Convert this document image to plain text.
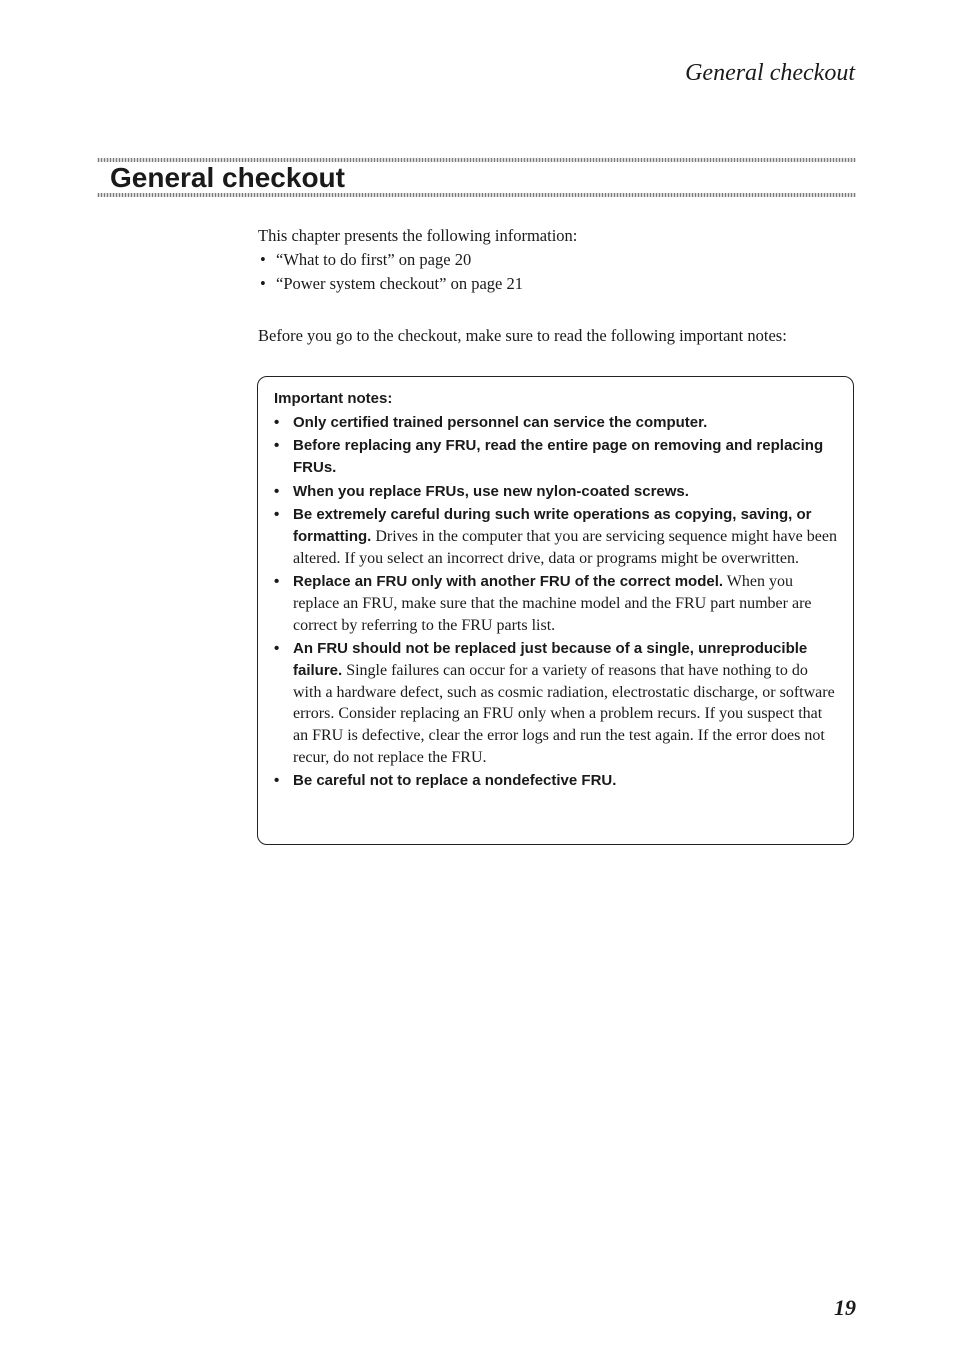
General checkout
General checkout

This chapter presents the following information:

• “What to do first” on page 20
• “Power system checkout” on page 21

Before you go to the checkout, make sure to read the following important notes:

Important notes:
• Only certified trained personnel can service the computer.
• Before replacing any FRU, read the entire page on removing and replacing FRUs.
• When you replace FRUs, use new nylon-coated screws.
• Be extremely careful during such write operations as copying, saving, or formatting. Drives in the computer that you are servicing sequence might have been altered. If you select an incorrect drive, data or programs might be overwritten.
• Replace an FRU only with another FRU of the correct model. When you replace an FRU, make sure that the machine model and the FRU part number are correct by referring to the FRU parts list.
• An FRU should not be replaced just because of a single, unreproducible failure. Single failures can occur for a variety of reasons that have nothing to do with a hardware defect, such as cosmic radiation, electrostatic discharge, or software errors. Consider replacing an FRU only when a problem recurs. If you suspect that an FRU is defective, clear the error logs and run the test again. If the error does not recur, do not replace the FRU.
• Be careful not to replace a nondefective FRU.
19
